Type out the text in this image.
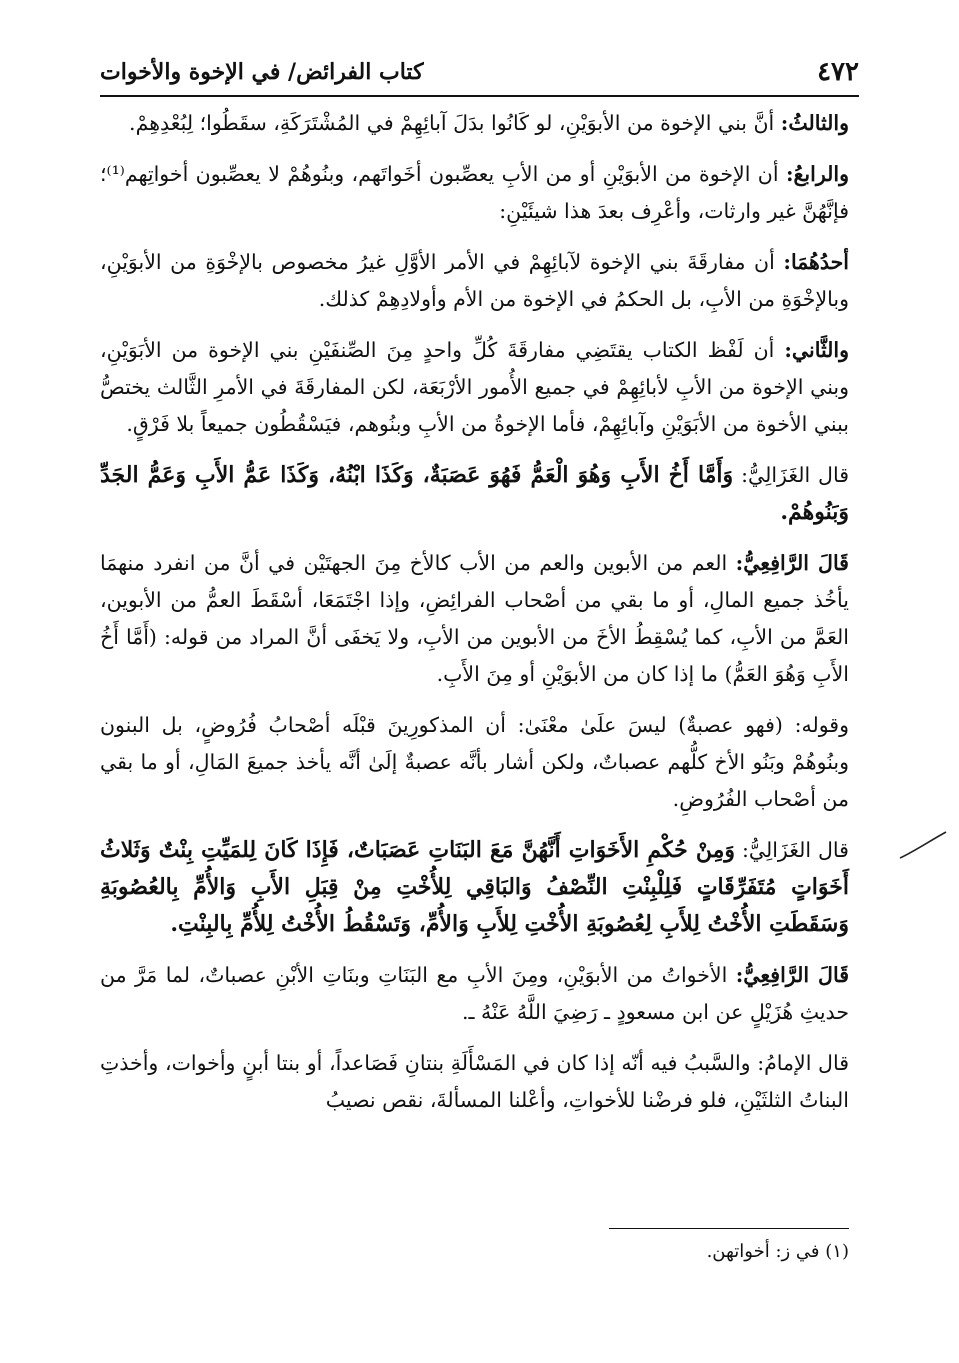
٤٧٢
كتاب الفرائض/ في الإخوة والأخوات

والثالثُ: أنَّ بني الإخوة من الأبوَيْنِ، لو كَانُوا بدَلَ آبائِهِمْ في المُشْتَرَكَةِ، سقَطُوا؛ لِبُعْدِهِمْ.

والرابعُ: أن الإخوة من الأبوَيْنِ أو من الأبِ يعصِّبون أخَواتَهم، وبنُوهُمْ لا يعصِّبون أخواتِهم⁽¹⁾؛ فإنَّهُنَّ غير وارثات، وأعْرِف بعدَ هذا شيئَيْنِ:

أحدُهُمَا: أن مفارقَةَ بني الإخوة لآبائِهِمْ في الأمر الأوَّلِ غيرُ مخصوص بالإخْوَةِ من الأبوَيْنِ، وبالإخْوَةِ من الأبِ، بل الحكمُ في الإخوة من الأم وأولادِهِمْ كذلك.

والثَّاني: أن لَفْظ الكتاب يقتَضِي مفارقَةَ كُلِّ واحدٍ مِنَ الصِّنفَيْنِ بني الإخوة من الأبَوَيْنِ، وبني الإخوة من الأبِ لأبائِهِمْ في جميع الأُمور الأرْبَعَة، لكن المفارقَةَ في الأمرِ الثَّالث يختصُّ ببني الأخوة من الأبَوَيْنِ وآبائِهِمْ، فأما الإخوةُ من الأبِ وبنُوهم، فيَسْقُطُون جميعاً بلا فَرْقٍ.

قال الغَزَالِيُّ: وَأَمَّا أَخُ الأَبِ وَهُوَ الْعَمُّ فَهُوَ عَصَبَةٌ، وَكَذَا ابْنُهُ، وَكَذَا عَمُّ الأَبِ وَعَمُّ الجَدِّ وَبَنُوهُمْ.

قَالَ الرَّافِعِيُّ: العم من الأبوين والعم من الأب كالأخ مِنَ الجهتَيْن في أنَّ من انفرد منهمَا يأخُذ جميع المالِ، أو ما بقي من أصْحاب الفرائِضِ، وإذا اجْتَمَعَا، أسْقَطَ العمُّ من الأبوين، العَمَّ من الأبِ، كما يُسْقِطُ الأخَ من الأبوين من الأبِ، ولا يَخفَى أنَّ المراد من قوله: (أَمَّا أَخُ الأَبِ وَهُوَ العَمُّ) ما إذا كان من الأبوَيْنِ أو مِنَ الأَبِ.

وقوله: (فهو عصبةٌ) ليسَ علَىٰ معْنَىٰ: أن المذكورِينَ قبْلَه أصْحابُ فُرُوضٍ، بل البنون وبنُوهُمْ وبَنُو الأخ كلُّهم عصباتٌ، ولكن أشار بأنَّه عصبةٌ إلَىٰ أنَّه يأخذ جميعَ المَالِ، أو ما بقي من أصْحاب الفُرُوضِ.

قال الغَزَالِيُّ: وَمِنْ حُكْمِ الأَخَوَاتِ أَنَّهُنَّ مَعَ البَنَاتِ عَصَبَاتٌ، فَإِذَا كَانَ لِلمَيِّتِ بِنْتٌ وَثَلاثُ أَخَوَاتٍ مُتَفَرِّقَاتٍ فَلِلْبِنْتِ النِّصْفُ وَالبَاقِي لِلأُخْتِ مِنْ قِبَلِ الأَبِ وَالأُمِّ بِالعُصُوبَةِ وَسَقَطَتِ الأُخْتُ لِلأَبِ لِعُصُوبَةِ الأُخْتِ لِلأَبِ وَالأُمِّ، وَتَسْقُطُ الأُخْتُ لِلأُمِّ بِالبِنْتِ.

قَالَ الرَّافِعِيُّ: الأخواتُ من الأبوَيْنِ، ومِنَ الأبِ مع البَنَاتِ وبنَاتِ الأبْنِ عصباتٌ، لما مَرَّ من حديثِ هُزَيْلٍ عن ابن مسعودٍ ـ رَضِيَ اللَّهُ عَنْهُ ـ.

قال الإمامُ: والسَّببُ فيه أنّه إذا كان في المَسْأَلَةِ بنتانِ فَصَاعداً، أو بنتا أبنٍ وأخوات، وأخذتِ البناتُ الثلثَيْنِ، فلو فرضْنا للأخواتِ، وأعْلنا المسألةَ، نقص نصيبُ

(١) في ز: أخواتهن.
